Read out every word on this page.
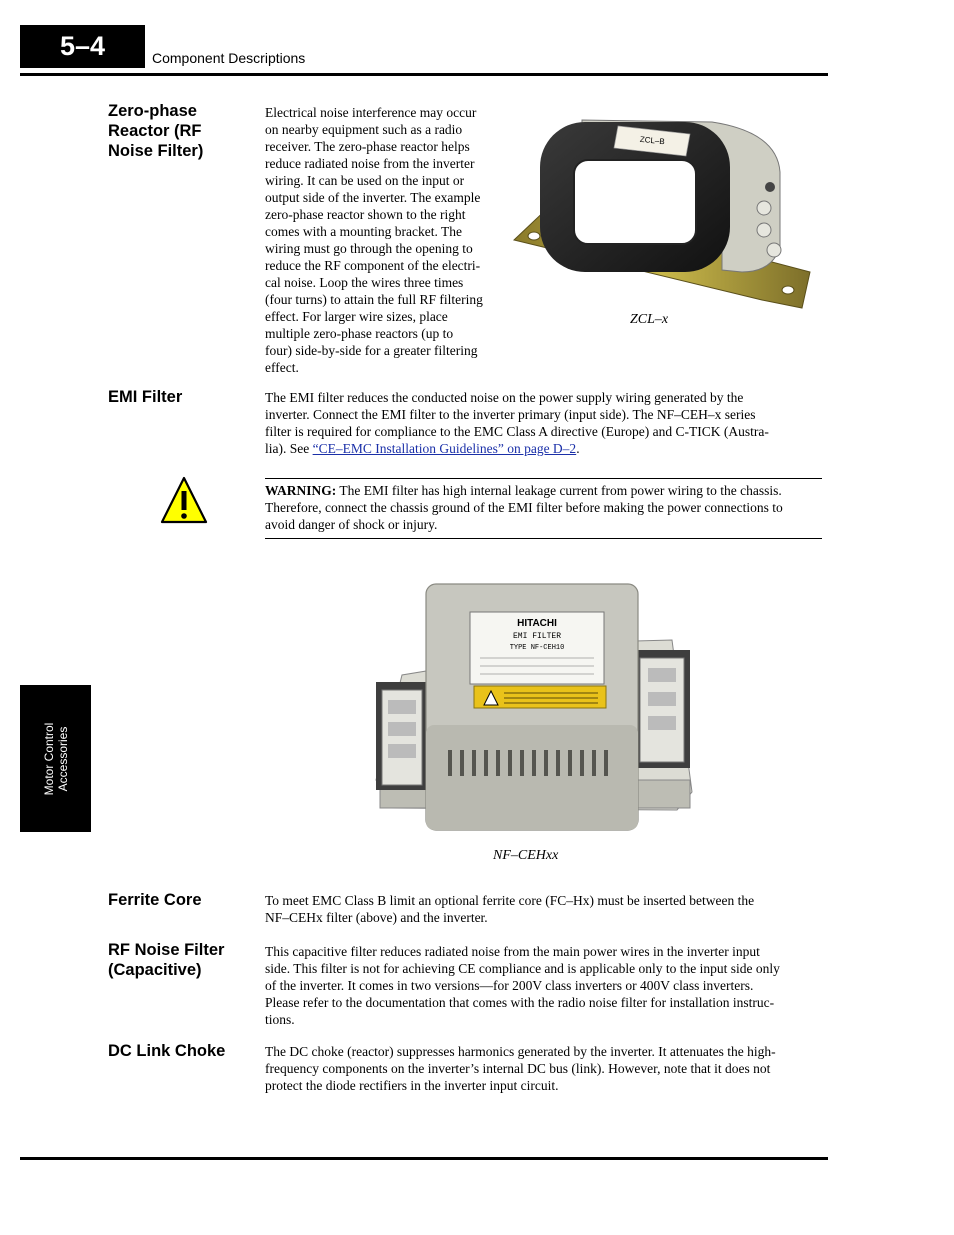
5–4	Component Descriptions
Motor Control Accessories
Zero-phase Reactor (RF Noise Filter)
Electrical noise interference may occur
on nearby equipment such as a radio
receiver. The zero-phase reactor helps
reduce radiated noise from the inverter
wiring. It can be used on the input or
output side of the inverter. The example
zero-phase reactor shown to the right
comes with a mounting bracket. The
wiring must go through the opening to
reduce the RF component of the electri-
cal noise. Loop the wires three times
(four turns) to attain the full RF filtering
effect. For larger wire sizes, place
multiple zero-phase reactors (up to
four) side-by-side for a greater filtering
effect.
ZCL–B
ZCL–x
EMI Filter	The EMI filter reduces the conducted noise on the power supply wiring generated by the
inverter. Connect the EMI filter to the inverter primary (input side). The NF–CEH–x series
filter is required for compliance to the EMC Class A directive (Europe) and C-TICK (Austra-
lia). See “CE–EMC Installation Guidelines” on page D–2.
WARNING: The EMI filter has high internal leakage current from power wiring to the chassis.
Therefore, connect the chassis ground of the EMI filter before making the power connections to
avoid danger of shock or injury.
HITACHI
EMI FILTER
TYPE NF-CEH10
NF–CEHxx
Ferrite Core	To meet EMC Class B limit an optional ferrite core (FC–Hx) must be inserted between the
NF–CEHx filter (above) and the inverter.
RF Noise Filter
(Capacitive)
This capacitive filter reduces radiated noise from the main power wires in the inverter input
side. This filter is not for achieving CE compliance and is applicable only to the input side only
of the inverter. It comes in two versions—for 200V class inverters or 400V class inverters.
Please refer to the documentation that comes with the radio noise filter for installation instruc-
tions.
DC Link Choke	The DC choke (reactor) suppresses harmonics generated by the inverter. It attenuates the high-
frequency components on the inverter’s internal DC bus (link). However, note that it does not
protect the diode rectifiers in the inverter input circuit.
